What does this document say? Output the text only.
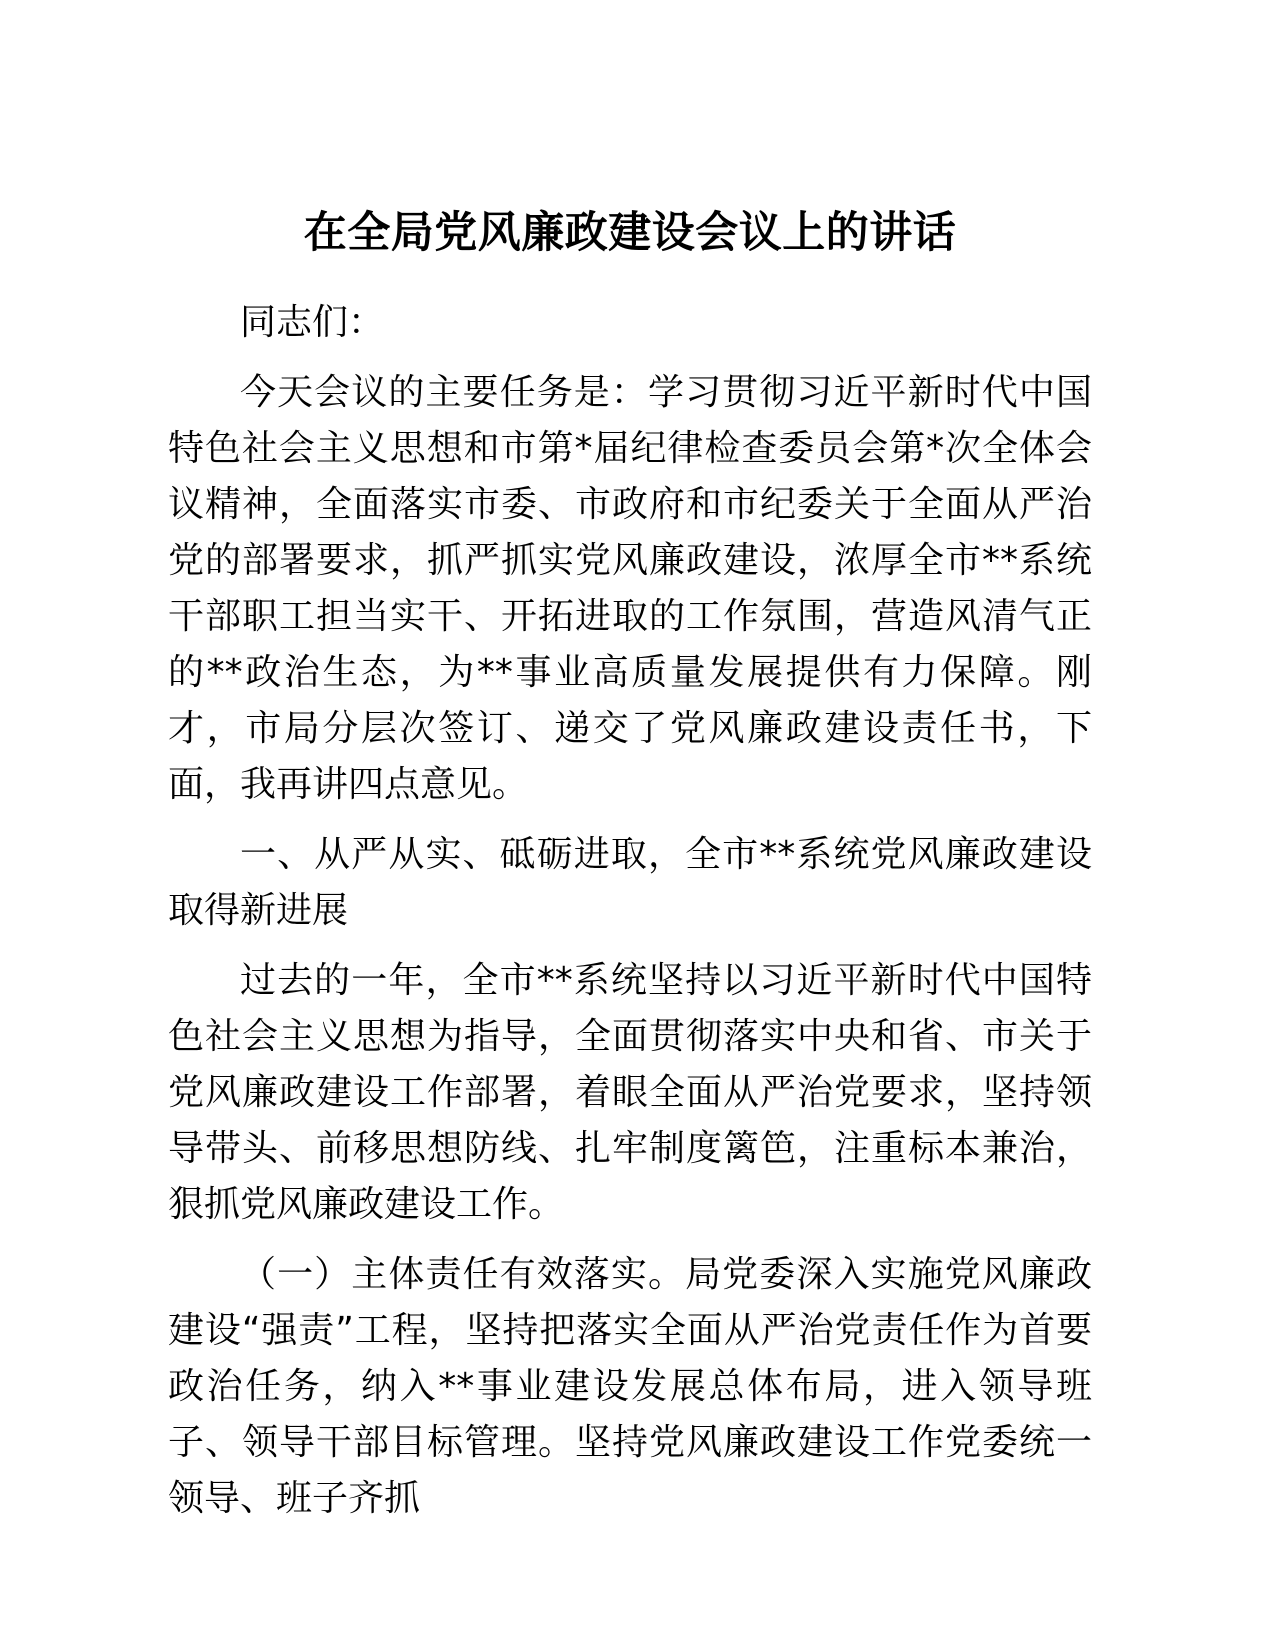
在全局党风廉政建设会议上的讲话

同志们：

今天会议的主要任务是：学习贯彻习近平新时代中国特色社会主义思想和市第*届纪律检查委员会第*次全体会议精神，全面落实市委、市政府和市纪委关于全面从严治党的部署要求，抓严抓实党风廉政建设，浓厚全市**系统干部职工担当实干、开拓进取的工作氛围，营造风清气正的**政治生态，为**事业高质量发展提供有力保障。刚才，市局分层次签订、递交了党风廉政建设责任书，下面，我再讲四点意见。

一、从严从实、砥砺进取，全市**系统党风廉政建设取得新进展

过去的一年，全市**系统坚持以习近平新时代中国特色社会主义思想为指导，全面贯彻落实中央和省、市关于党风廉政建设工作部署，着眼全面从严治党要求，坚持领导带头、前移思想防线、扎牢制度篱笆，注重标本兼治，狠抓党风廉政建设工作。

（一）主体责任有效落实。局党委深入实施党风廉政建设“强责”工程，坚持把落实全面从严治党责任作为首要政治任务，纳入**事业建设发展总体布局，进入领导班子、领导干部目标管理。坚持党风廉政建设工作党委统一领导、班子齐抓
